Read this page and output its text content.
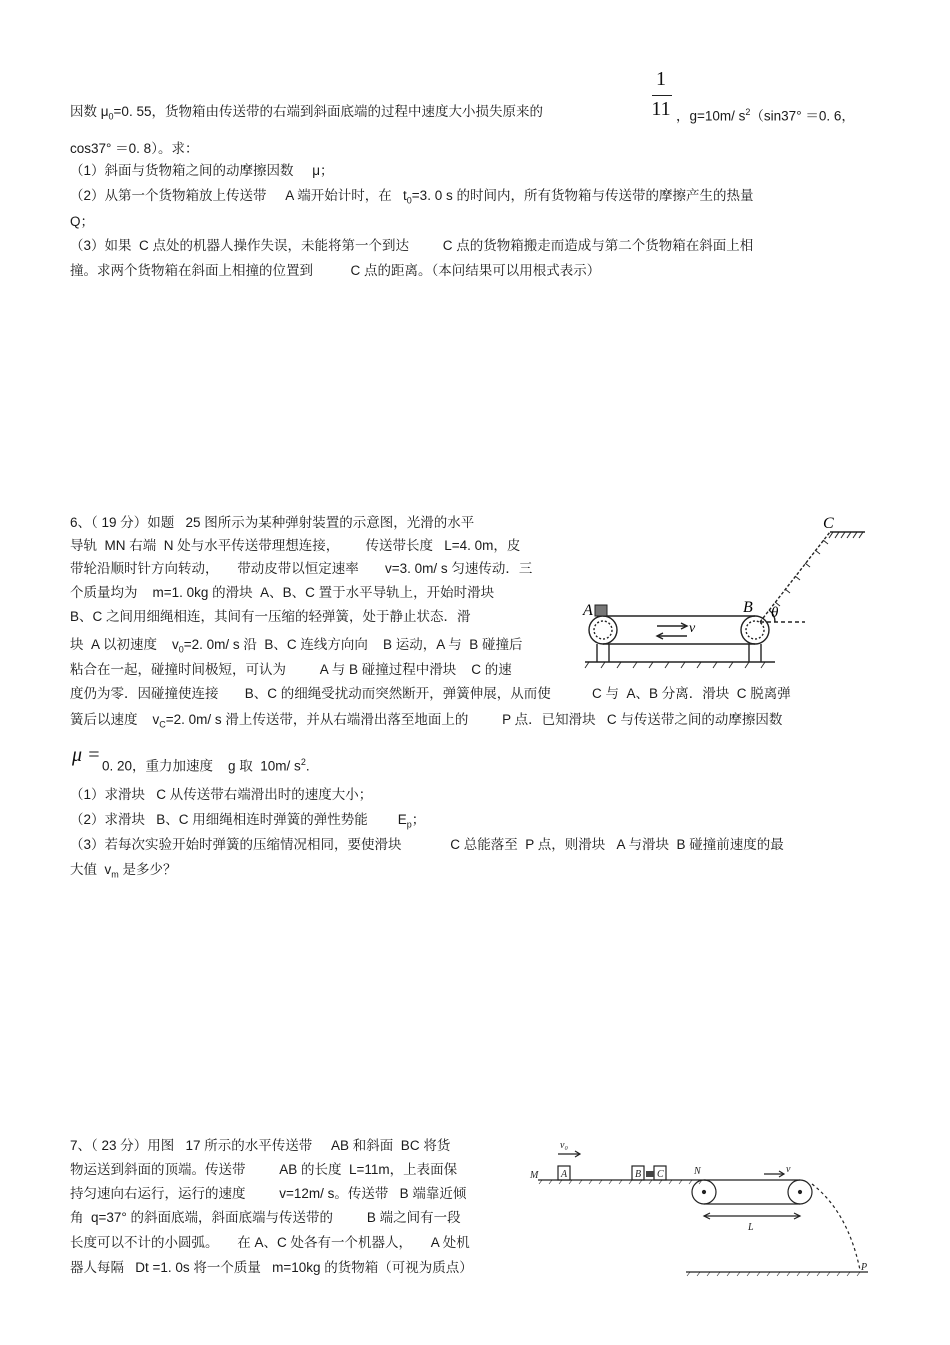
因数 $\mu_0=0$. 55，货物箱由传送带的右端到斜面底端的过程中速度大小损失原来的
1
11 ，g=10m/ $s^2(\sin 37^\circ =0$. 6，
cos37° ＝0. 8）。求：
（1）斜面与货物箱之间的动摩擦因数     μ；
（2）从第一个货物箱放上传送带     A 端开始计时，在   $t_0=3$. 0 s 的时间内，所有货物箱与传送带的摩擦产生的热量
Q；
（3）如果  C 点处的机器人操作失误，未能将第一个到达         C 点的货物箱搬走而造成与第二个货物箱在斜面上相
撞。求两个货物箱在斜面上相撞的位置到          C 点的距离。（本问结果可以用根式表示）
6、（ 19 分）如题   25 图所示为某种弹射装置的示意图，光滑的水平
导轨  MN 右端  N 处与水平传送带理想连接，       传送带长度   L=4. 0m，皮
带轮沿顺时针方向转动，     带动皮带以恒定速率       v=3. 0m/ s 匀速传动．三
个质量均为    m=1. 0kg 的滑块  A、B、C 置于水平导轨上，开始时滑块
B、C 之间用细绳相连，其间有一压缩的轻弹簧，处于静止状态．滑
块  A 以初速度    $v_0=2$. 0m/ s 沿  B、C 连线方向向    B 运动，A 与  B 碰撞后
粘合在一起，碰撞时间极短，可认为         A 与 B 碰撞过程中滑块    C 的速
度仍为零．因碰撞使连接       B、C 的细绳受扰动而突然断开，弹簧伸展，从而使           C 与  A、B 分离．滑块  C 脱离弹
簧后以速度    $v_C=2$. 0m/ s 滑上传送带，并从右端滑出落至地面上的         P 点．已知滑块   C 与传送带之间的动摩擦因数
μ = 0. 20，重力加速度    g 取  10m/ $s^2$.
（1）求滑块   C 从传送带右端滑出时的速度大小；
（2）求滑块   B、C 用细绳相连时弹簧的弹性势能        $E_p$；
（3）若每次实验开始时弹簧的压缩情况相同，要使滑块             C 总能落至  P 点，则滑块   A 与滑块  B 碰撞前速度的最
大值  $v_m$ 是多少？
A	B
C
θ
v
7、（ 23 分）用图   17 所示的水平传送带     AB 和斜面  BC 将货
物运送到斜面的顶端。传送带         AB 的长度  L=11m，上表面保
持匀速向右运行，运行的速度         v=12m/ s。传送带   B 端靠近倾
角  q=37° 的斜面底端，斜面底端与传送带的         B 端之间有一段
长度可以不计的小圆弧。     在 A、C 处各有一个机器人，     A 处机
器人每隔   Dt =1. 0s 将一个质量   m=10kg 的货物箱（可视为质点）
v₀
M A	B C	N	v
L
P
